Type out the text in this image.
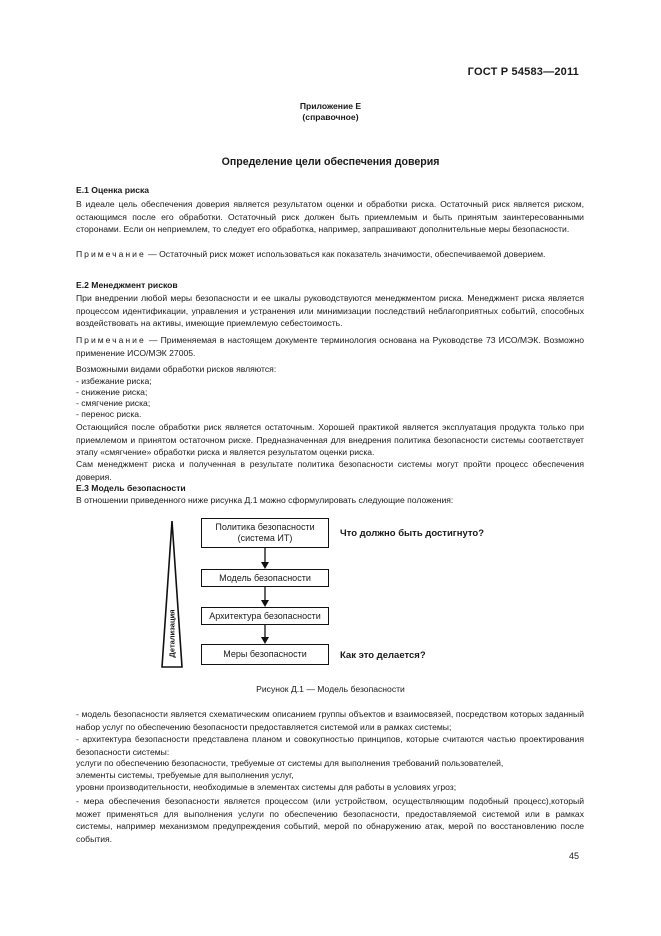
ГОСТ Р 54583—2011
Приложение Е
(справочное)
Определение цели обеспечения доверия
Е.1 Оценка риска
В идеале цель обеспечения доверия является результатом оценки и обработки риска. Остаточный риск является риском, остающимся после его обработки. Остаточный риск должен быть приемлемым и быть принятым заинтересованными сторонами. Если он неприемлем, то следует его обработка, например, запрашивают дополнительные меры безопасности.
Примечание — Остаточный риск может использоваться как показатель значимости, обеспечиваемой доверием.
Е.2 Менеджмент рисков
При внедрении любой меры безопасности и ее шкалы руководствуются менеджментом риска. Менеджмент риска является процессом идентификации, управления и устранения или минимизации последствий неблагоприятных событий, способных воздействовать на активы, имеющие приемлемую себестоимость.
Примечание — Применяемая в настоящем документе терминология основана на Руководстве 73 ИСО/МЭК. Возможно применение ИСО/МЭК 27005.
Возможными видами обработки рисков являются:
- избежание риска;
- снижение риска;
- смягчение риска;
- перенос риска.
Остающийся после обработки риск является остаточным. Хорошей практикой является эксплуатация продукта только при приемлемом и принятом остаточном риске. Предназначенная для внедрения политика безопасности системы соответствует этапу «смягчение» обработки риска и является результатом оценки риска.
Сам менеджмент риска и полученная в результате политика безопасности системы могут пройти процесс обеспечения доверия.
Е.3 Модель безопасности
В отношении приведенного ниже рисунка Д.1 можно сформулировать следующие положения:
Детализация
Политика безопасности (система ИТ)
Модель безопасности
Архитектура безопасности
Меры безопасности
Что должно быть достигнуто?
Как это делается?
Рисунок Д.1 — Модель безопасности
- модель безопасности является схематическим описанием группы объектов и взаимосвязей, посредством которых заданный набор услуг по обеспечению безопасности предоставляется системой или в рамках системы;
- архитектура безопасности представлена планом и совокупностью принципов, которые считаются частью проектирования безопасности системы:
услуги по обеспечению безопасности, требуемые от системы для выполнения требований пользователей,
элементы системы, требуемые для выполнения услуг,
уровни производительности, необходимые в элементах системы для работы в условиях угроз;
- мера обеспечения безопасности является процессом (или устройством, осуществляющим подобный процесс),который может применяться для выполнения услуги по обеспечению безопасности, предоставляемой системой или в рамках системы, например механизмом предупреждения событий, мерой по обнаружению атак, мерой по восстановлению после события.
45
